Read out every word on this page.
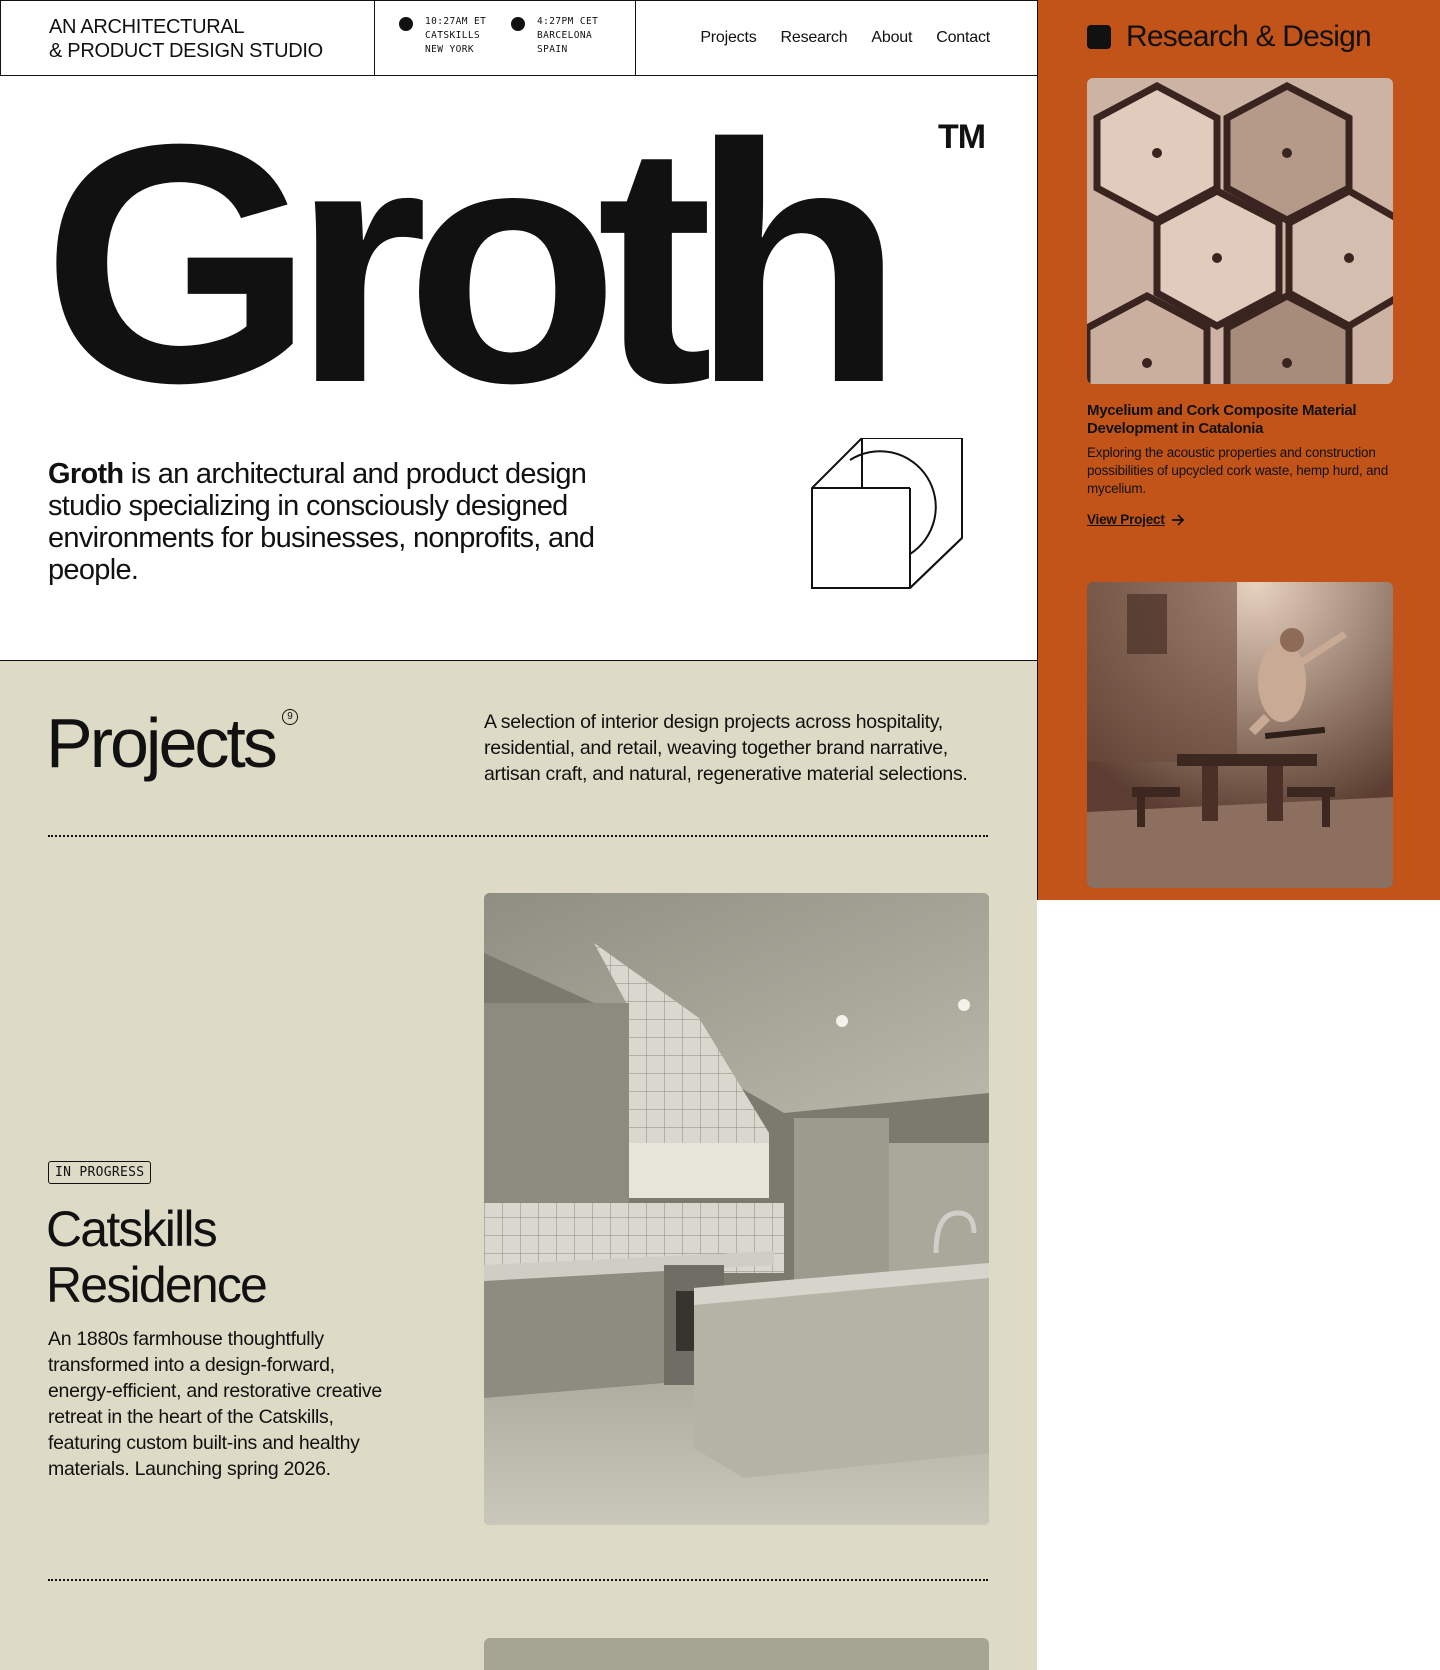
AN ARCHITECTURAL
& PRODUCT DESIGN STUDIO
10:27AM ET
CATSKILLS
NEW YORK
4:27PM CET
BARCELONA
SPAIN
Projects Research About Contact
Groth TM

Groth is an architectural and product design studio specializing in consciously designed environments for businesses, nonprofits, and people.

Projects	9	A selection of interior design projects across hospitality, residential, and retail, weaving together brand narrative, artisan craft, and natural, regenerative material selections.

IN PROGRESS
Catskills Residence

An 1880s farmhouse thoughtfully transformed into a design-forward, energy-efficient, and restorative creative retreat in the heart of the Catskills, featuring custom built-ins and healthy materials. Launching spring 2026.

Research & Design
Mycelium and Cork Composite Material Development in Catalonia
Exploring the acoustic properties and construction possibilities of upcycled cork waste, hemp hurd, and mycelium.
View Project
